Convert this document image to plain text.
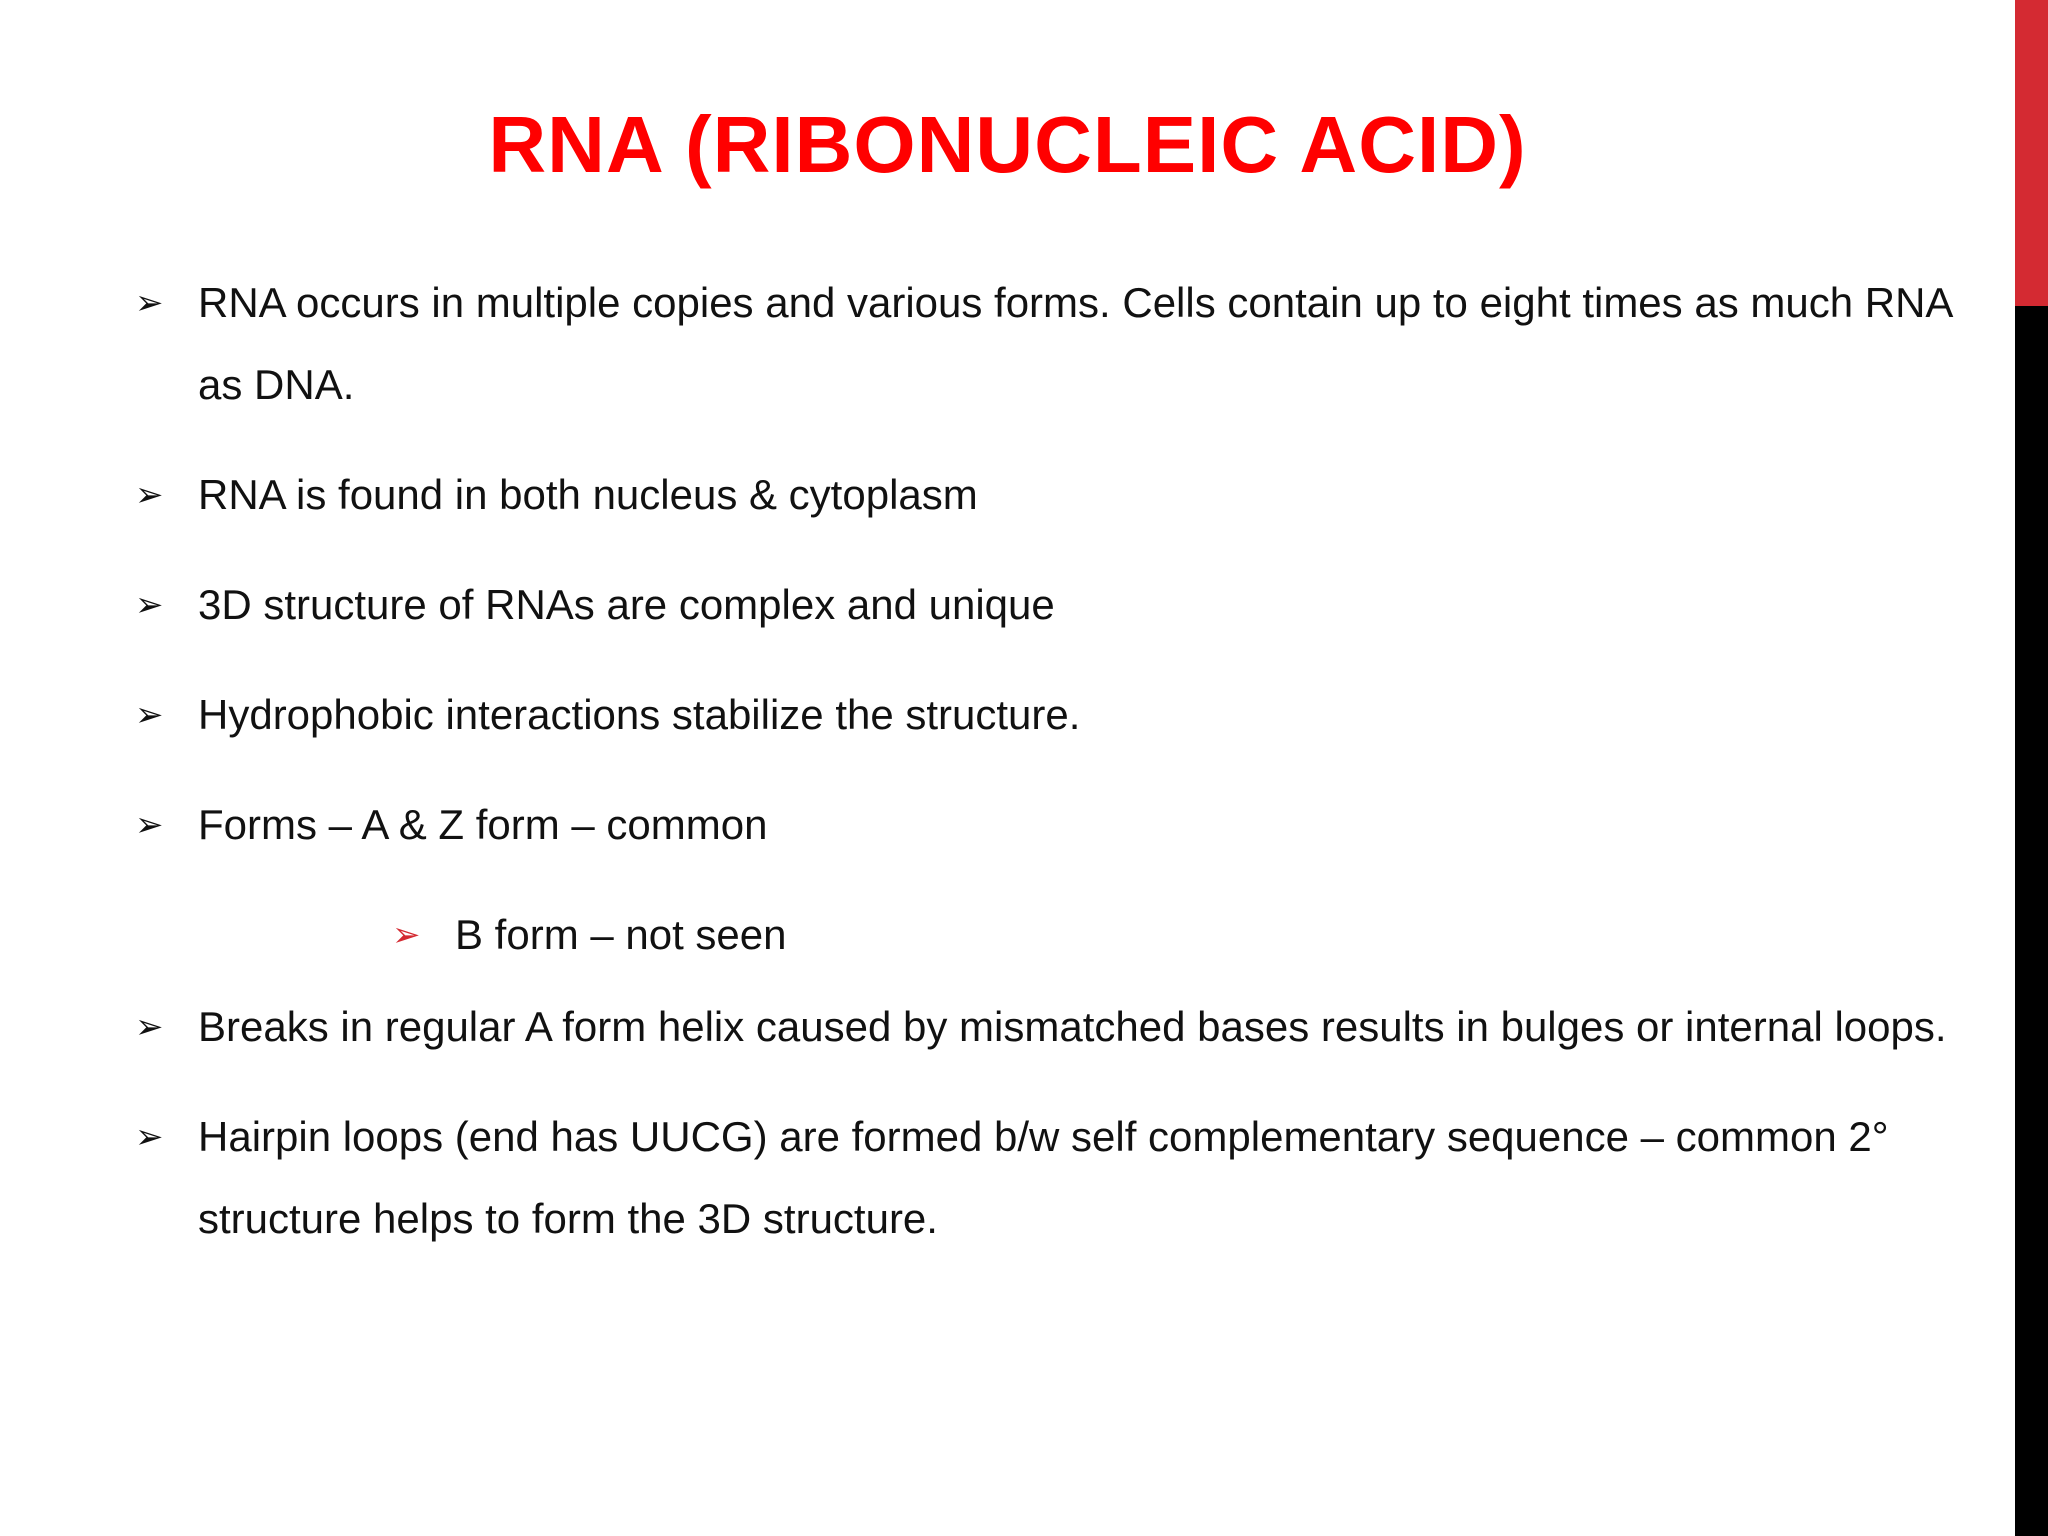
RNA (RIBONUCLEIC ACID)
➢ RNA occurs in multiple copies and various forms. Cells contain up to eight times as much RNA as DNA.
➢ RNA is found in both nucleus & cytoplasm
➢ 3D structure of RNAs are complex and unique
➢ Hydrophobic interactions stabilize the structure.
➢ Forms – A & Z form – common
➢ B form – not seen
➢ Breaks in regular A form helix caused by mismatched bases results in bulges or internal loops.
➢ Hairpin loops (end has UUCG) are formed b/w self complementary sequence – common 2° structure helps to form the 3D structure.
